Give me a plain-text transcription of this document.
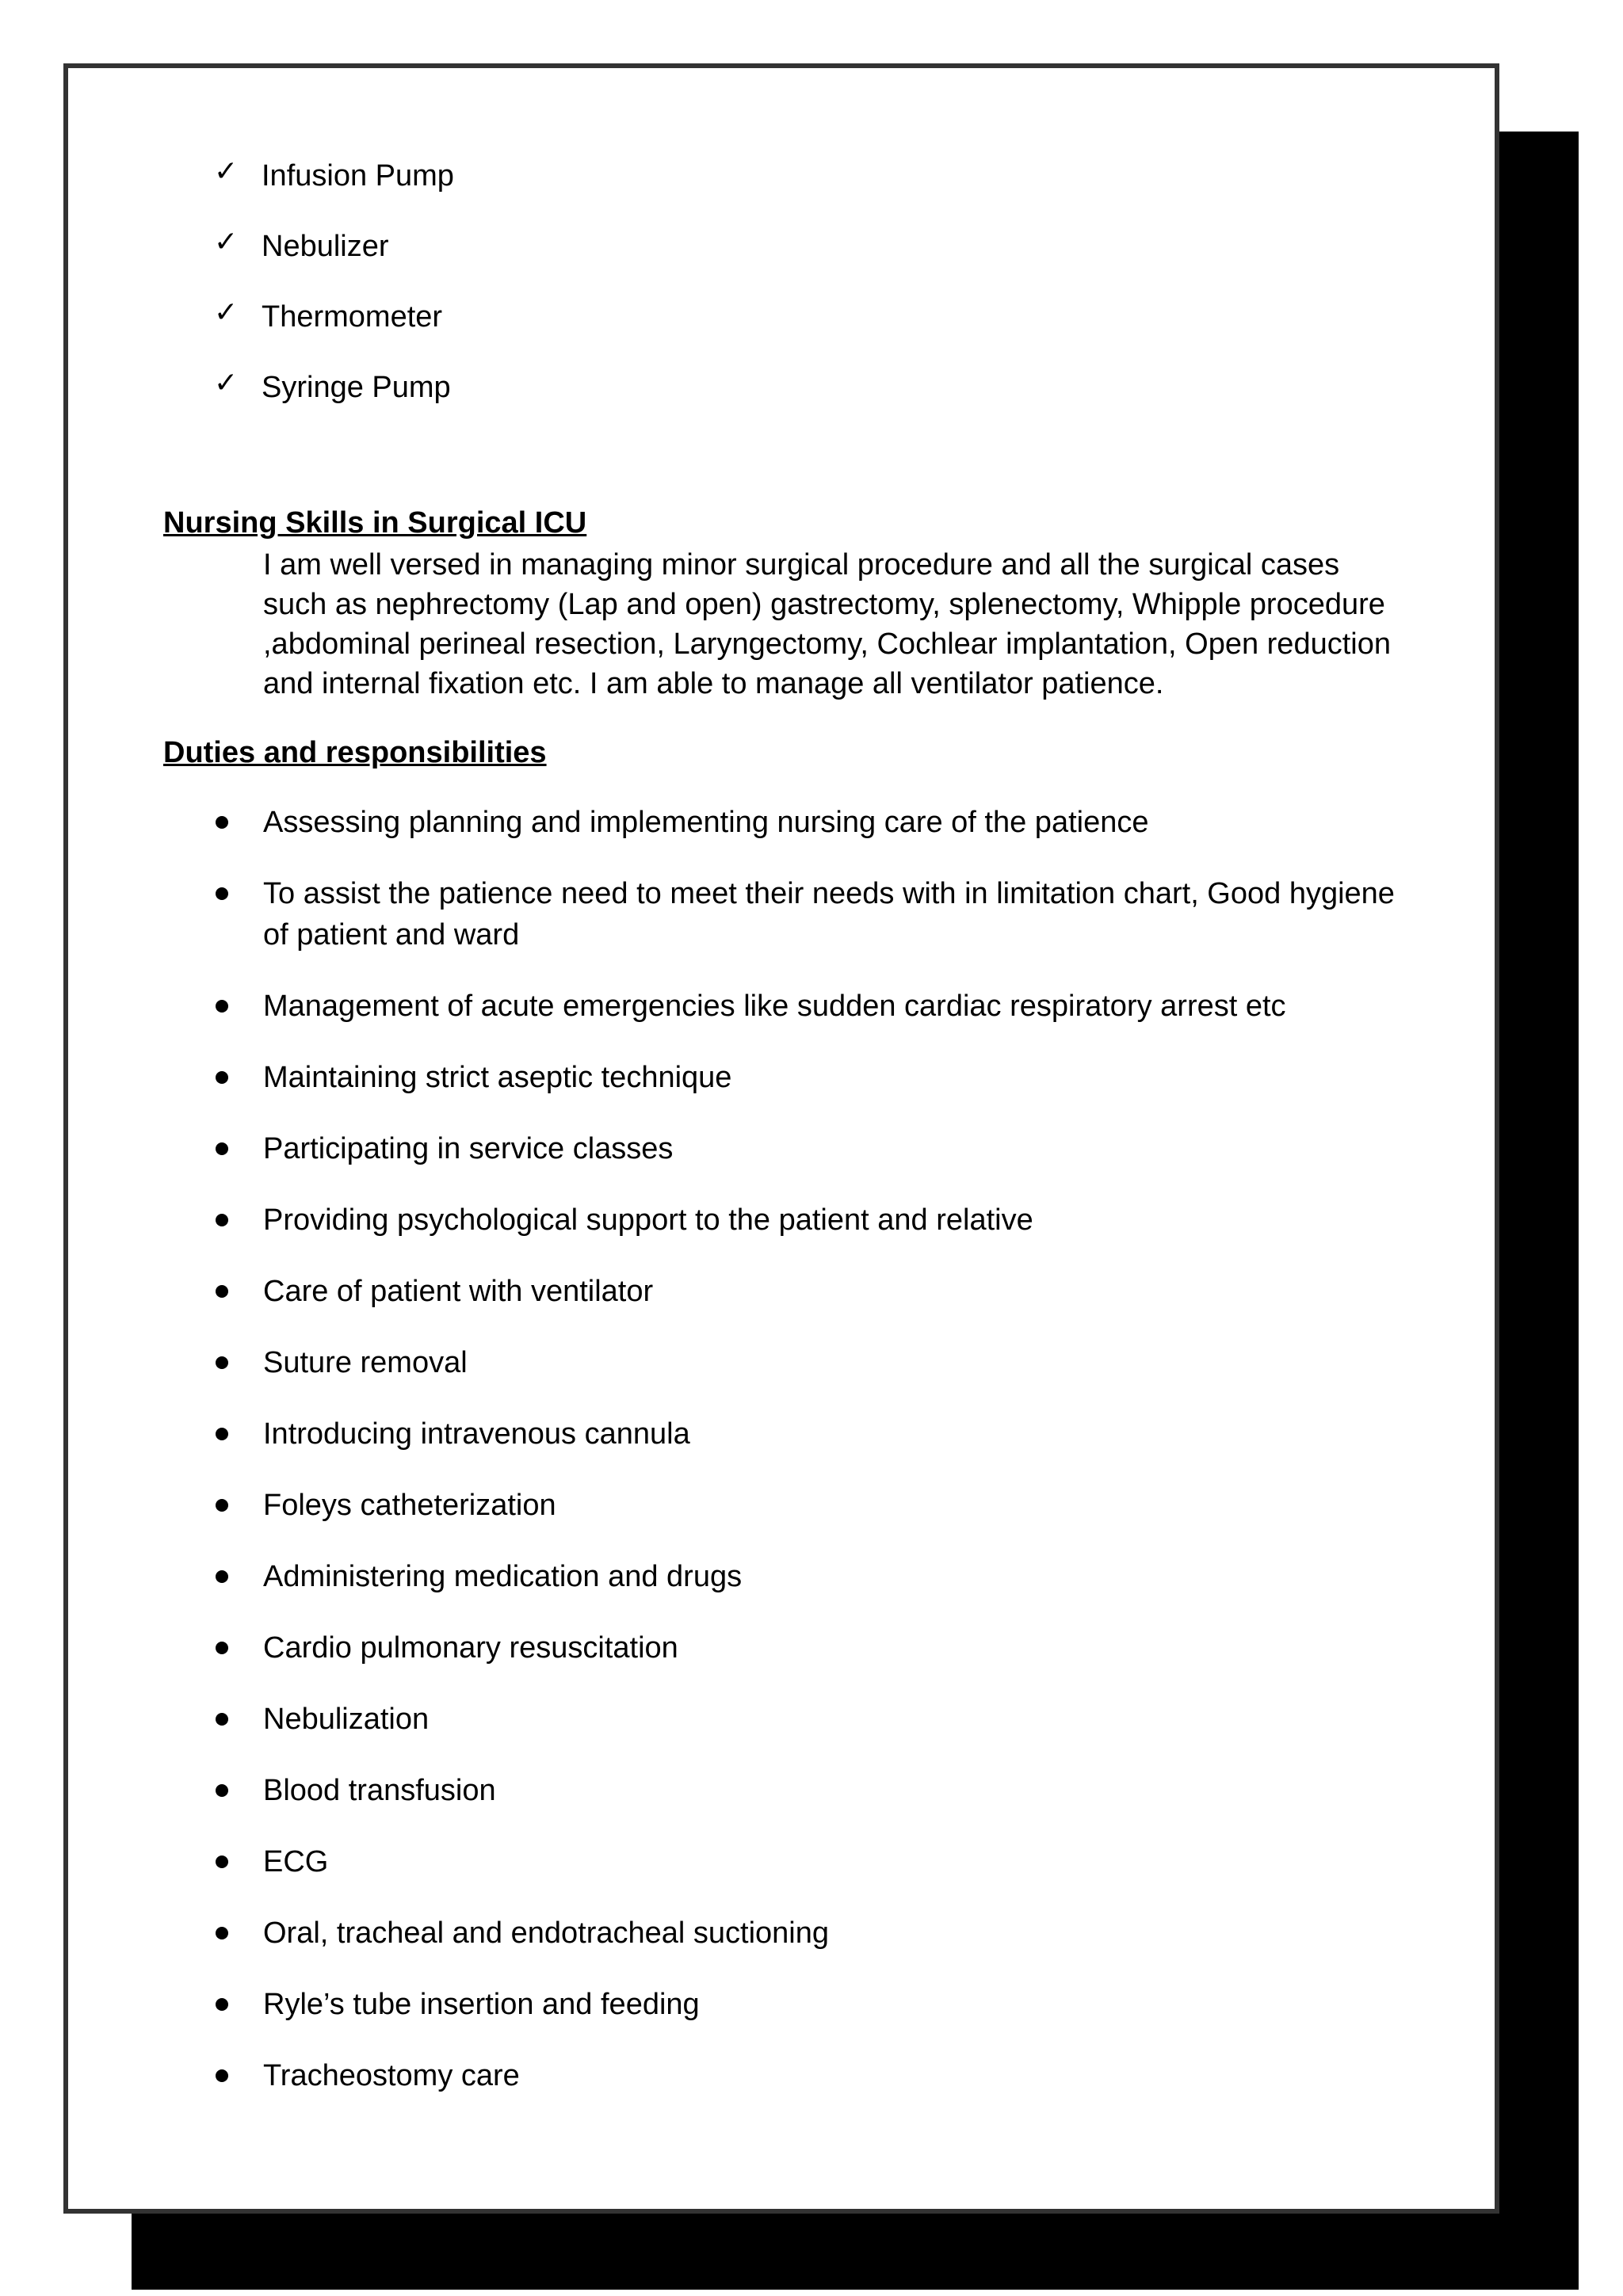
✓ Infusion Pump
✓ Nebulizer
✓ Thermometer
✓ Syringe Pump
Nursing Skills in Surgical ICU
I am well versed in managing minor surgical procedure and all the surgical cases such as nephrectomy (Lap and open) gastrectomy, splenectomy, Whipple procedure ,abdominal perineal resection, Laryngectomy, Cochlear implantation, Open reduction and internal fixation etc. I am able to manage all ventilator patience.
Duties and responsibilities
Assessing planning and implementing nursing care of the patience
To assist the patience need to meet their needs with in limitation chart, Good hygiene of patient and ward
Management of acute emergencies like sudden cardiac respiratory arrest etc
Maintaining strict aseptic technique
Participating in service classes
Providing psychological support to the patient and relative
Care of patient with ventilator
Suture removal
Introducing intravenous cannula
Foleys catheterization
Administering medication and drugs
Cardio pulmonary resuscitation
Nebulization
Blood transfusion
ECG
Oral, tracheal and endotracheal suctioning
Ryle’s tube insertion and feeding
Tracheostomy care
